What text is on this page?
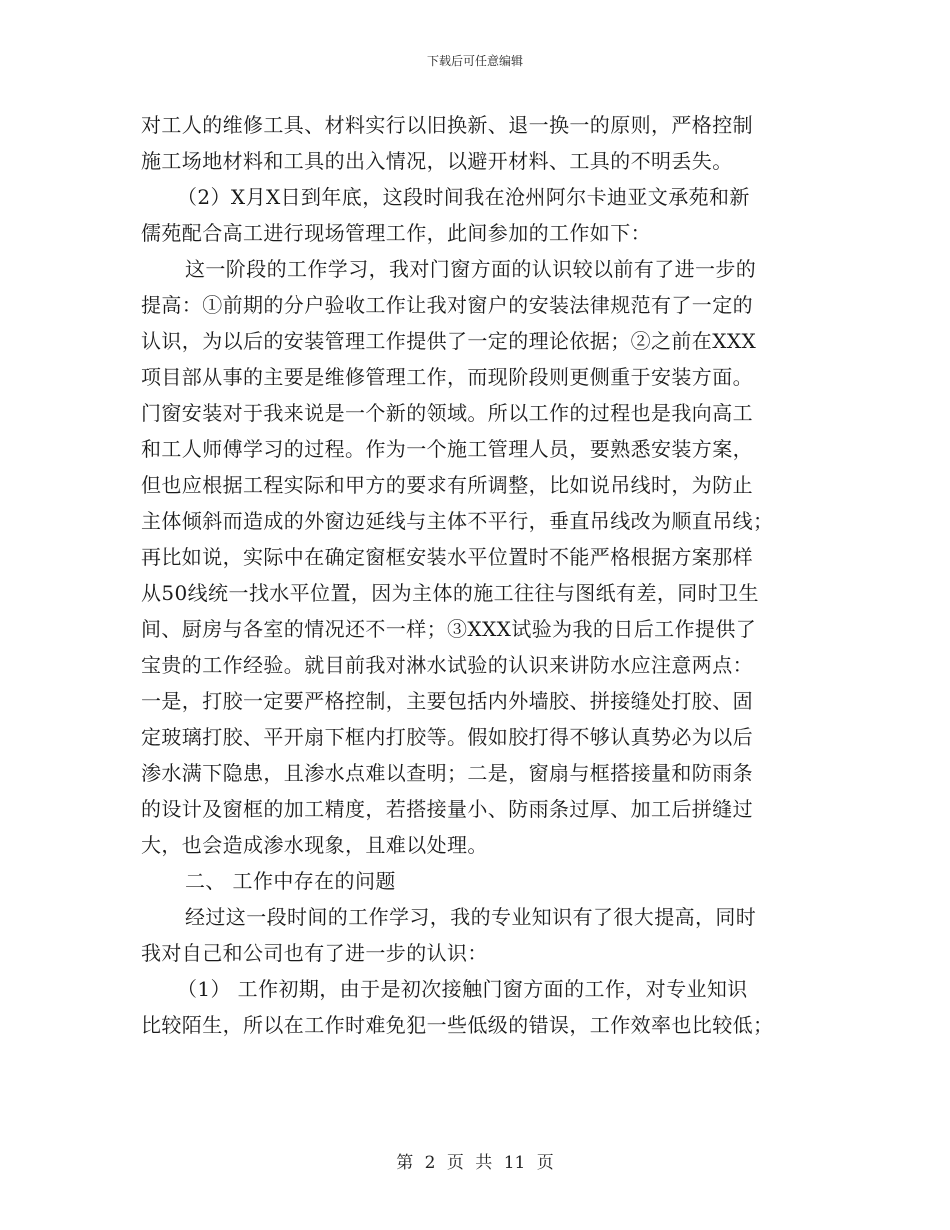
下载后可任意编辑
对工人的维修工具、材料实行以旧换新、退一换一的原则，严格控制
施工场地材料和工具的出入情况，以避开材料、工具的不明丢失。
（2）X月X日到年底，这段时间我在沧州阿尔卡迪亚文承苑和新
儒苑配合高工进行现场管理工作，此间参加的工作如下：
这一阶段的工作学习，我对门窗方面的认识较以前有了进一步的
提高：①前期的分户验收工作让我对窗户的安装法律规范有了一定的
认识，为以后的安装管理工作提供了一定的理论依据；②之前在XXX
项目部从事的主要是维修管理工作，而现阶段则更侧重于安装方面。
门窗安装对于我来说是一个新的领域。所以工作的过程也是我向高工
和工人师傅学习的过程。作为一个施工管理人员，要熟悉安装方案，
但也应根据工程实际和甲方的要求有所调整，比如说吊线时，为防止
主体倾斜而造成的外窗边延线与主体不平行，垂直吊线改为顺直吊线；
再比如说，实际中在确定窗框安装水平位置时不能严格根据方案那样
从50线统一找水平位置，因为主体的施工往往与图纸有差，同时卫生
间、厨房与各室的情况还不一样；③XXX试验为我的日后工作提供了
宝贵的工作经验。就目前我对淋水试验的认识来讲防水应注意两点：
一是，打胶一定要严格控制，主要包括内外墙胶、拼接缝处打胶、固
定玻璃打胶、平开扇下框内打胶等。假如胶打得不够认真势必为以后
渗水满下隐患，且渗水点难以查明；二是，窗扇与框搭接量和防雨条
的设计及窗框的加工精度，若搭接量小、防雨条过厚、加工后拼缝过
大，也会造成渗水现象，且难以处理。
二、 工作中存在的问题
经过这一段时间的工作学习，我的专业知识有了很大提高，同时
我对自己和公司也有了进一步的认识：
（1） 工作初期，由于是初次接触门窗方面的工作，对专业知识
比较陌生，所以在工作时难免犯一些低级的错误，工作效率也比较低；
第 2 页 共 11 页
